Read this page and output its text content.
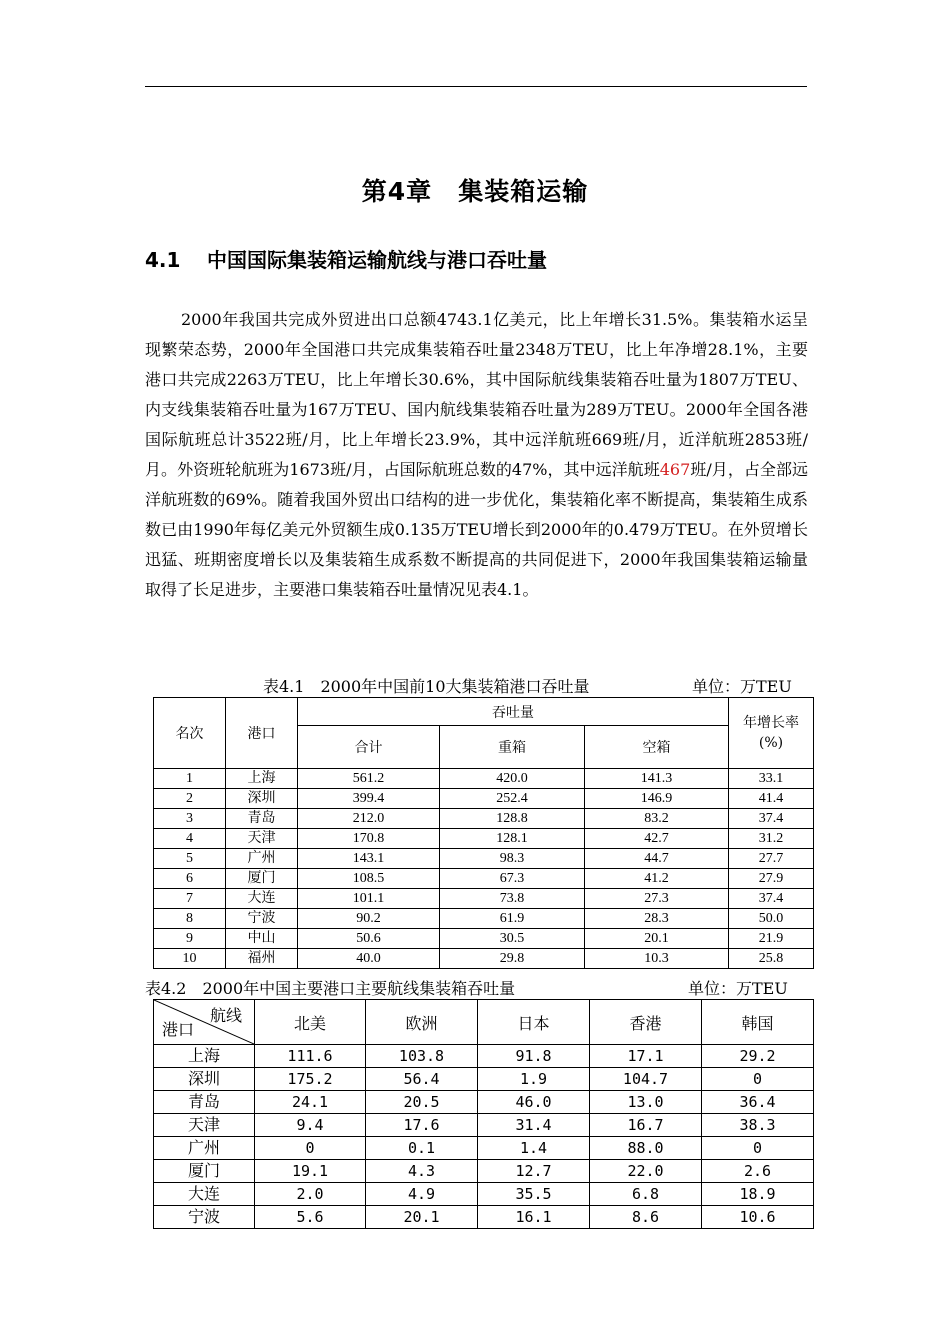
第4章 集装箱运输
4.1 中国国际集装箱运输航线与港口吞吐量

2000年我国共完成外贸进出口总额4743.1亿美元，比上年增长31.5%。集装箱水运呈现繁荣态势，2000年全国港口共完成集装箱吞吐量2348万TEU，比上年净增28.1%，主要港口共完成2263万TEU，比上年增长30.6%，其中国际航线集装箱吞吐量为1807万TEU、内支线集装箱吞吐量为167万TEU、国内航线集装箱吞吐量为289万TEU。2000年全国各港国际航班总计3522班/月，比上年增长23.9%，其中远洋航班669班/月，近洋航班2853班/月。外资班轮航班为1673班/月，占国际航班总数的47%，其中远洋航班467班/月，占全部远洋航班数的69%。随着我国外贸出口结构的进一步优化，集装箱化率不断提高，集装箱生成系数已由1990年每亿美元外贸额生成0.135万TEU增长到2000年的0.479万TEU。在外贸增长迅猛、班期密度增长以及集装箱生成系数不断提高的共同促进下，2000年我国集装箱运输量取得了长足进步，主要港口集装箱吞吐量情况见表4.1。

表4.1　2000年中国前10大集装箱港口吞吐量	单位：万TEU
名次	港口	吞吐量			年增长率(%)
		合计	重箱	空箱	
1	上海	561.2	420.0	141.3	33.1
2	深圳	399.4	252.4	146.9	41.4
3	青岛	212.0	128.8	83.2	37.4
4	天津	170.8	128.1	42.7	31.2
5	广州	143.1	98.3	44.7	27.7
6	厦门	108.5	67.3	41.2	27.9
7	大连	101.1	73.8	27.3	37.4
8	宁波	90.2	61.9	28.3	50.0
9	中山	50.6	30.5	20.1	21.9
10	福州	40.0	29.8	10.3	25.8
表4.2　2000年中国主要港口主要航线集装箱吞吐量	单位：万TEU
航线
港口	北美	欧洲	日本	香港	韩国
上海	111.6	103.8	91.8	17.1	29.2
深圳	175.2	56.4	1.9	104.7	0
青岛	24.1	20.5	46.0	13.0	36.4
天津	9.4	17.6	31.4	16.7	38.3
广州	0	0.1	1.4	88.0	0
厦门	19.1	4.3	12.7	22.0	2.6
大连	2.0	4.9	35.5	6.8	18.9
宁波	5.6	20.1	16.1	8.6	10.6
